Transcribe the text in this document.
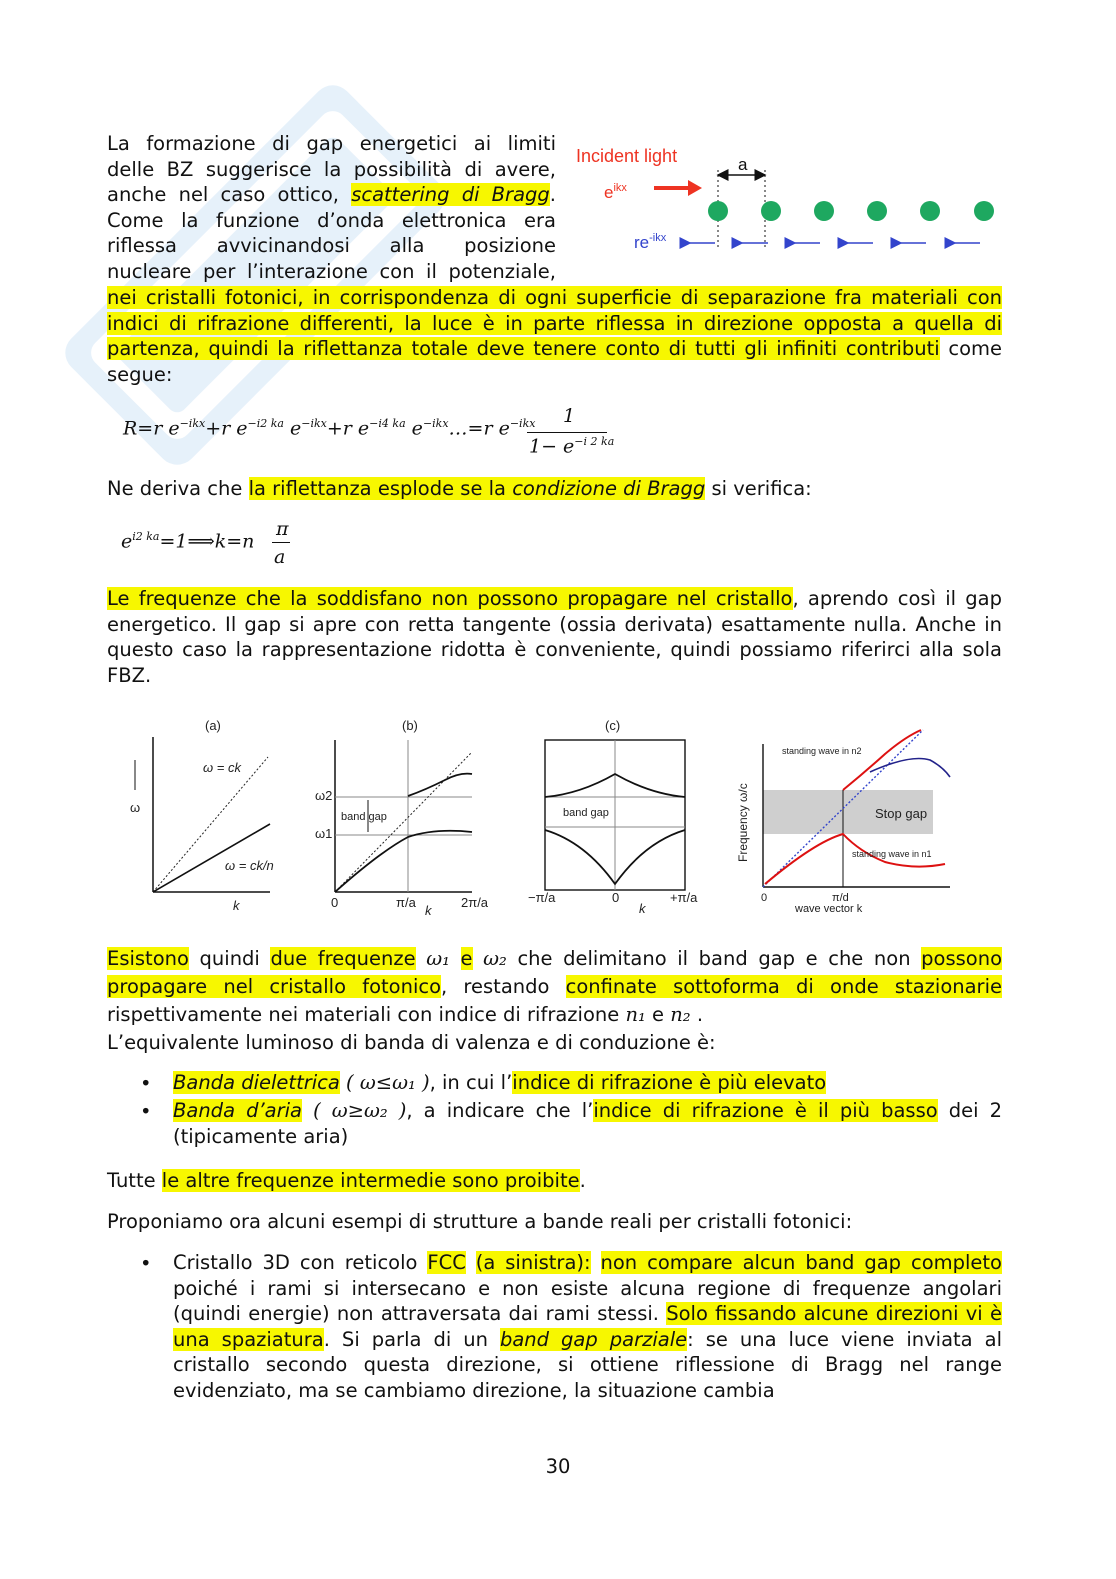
La formazione di gap energetici ai limiti
delle BZ suggerisce la possibilità di avere,
anche nel caso ottico, scattering di Bragg.
Come la funzione d’onda elettronica era
riflessa avvicinandosi alla posizione
nucleare per l’interazione con il potenziale,
Incident light	a
$e^{ikx}$
$re^{-ikx}$
nei cristalli fotonici, in corrispondenza di ogni superficie di separazione fra materiali con indici di rifrazione differenti, la luce è in parte riflessa in direzione opposta a quella di partenza, quindi la riflettanza totale deve tenere conto di tutti gli infiniti contributi come segue:
R=r $e^{-ikx}+r$ $e^{-i2 ka}$ $e^{-ikx}+r$ $e^{-i4 ka}$ $e^{-ikx}\dots=r$ $e^{-ikx}$ 1
$1- e^{-i 2 ka}$
Ne deriva che la riflettanza esplode se la condizione di Bragg si verifica:
$e^{i2 ka}=1⟹k=n$
π
a
Le frequenze che la soddisfano non possono propagare nel cristallo, aprendo così il gap energetico. Il gap si apre con retta tangente (ossia derivata) esattamente nulla. Anche in questo caso la rappresentazione ridotta è conveniente, quindi possiamo riferirci alla sola FBZ.
(a)
ω
ω = ck
ω = ck/n
k
(b)
ω2
ω1
band gap
0	π/a	2π/a
k
(c)
band gap
−π/a	0	+π/a
k
Frequency ω/c
standing wave in n2
Stop gap
standing wave in n1
0	π/d
wave vector k
Esistono quindi due frequenze ω₁ e ω₂ che delimitano il band gap e che non possono propagare nel cristallo fotonico, restando confinate sottoforma di onde stazionarie rispettivamente nei materiali con indice di rifrazione n₁ e n₂ .
L’equivalente luminoso di banda di valenza e di conduzione è:
• Banda dielettrica ( ω≤ω₁ ), in cui l’indice di rifrazione è più elevato
• Banda d’aria ( ω≥ω₂ ), a indicare che l’indice di rifrazione è il più basso dei 2 (tipicamente aria)
Tutte le altre frequenze intermedie sono proibite.
Proponiamo ora alcuni esempi di strutture a bande reali per cristalli fotonici:
• Cristallo 3D con reticolo FCC (a sinistra): non compare alcun band gap completo poiché i rami si intersecano e non esiste alcuna regione di frequenze angolari (quindi energie) non attraversata dai rami stessi. Solo fissando alcune direzioni vi è una spaziatura. Si parla di un band gap parziale: se una luce viene inviata al cristallo secondo questa direzione, si ottiene riflessione di Bragg nel range evidenziato, ma se cambiamo direzione, la situazione cambia
30
